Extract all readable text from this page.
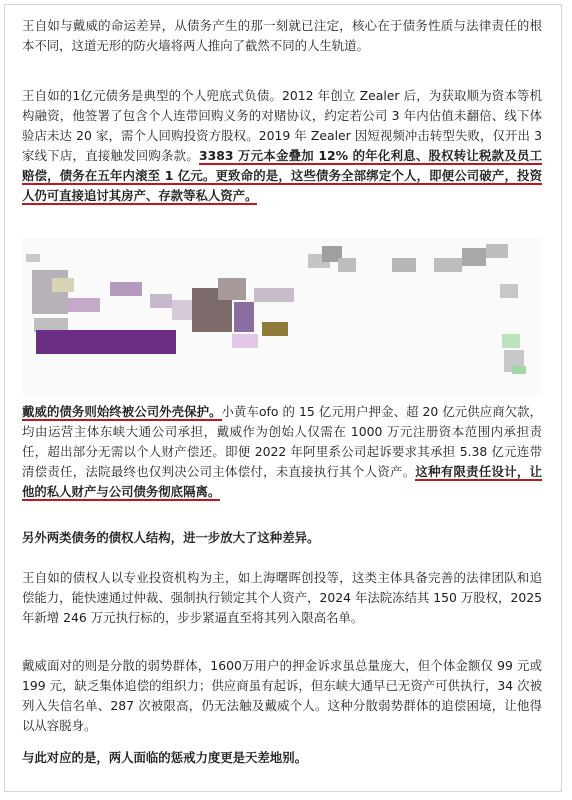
王自如与戴威的命运差异，从债务产生的那一刻就已注定，核心在于债务性质与法律责任的根本不同，这道无形的防火墙将两人推向了截然不同的人生轨道。

王自如的1亿元债务是典型的个人兜底式负债。2012 年创立 Zealer 后，为获取顺为资本等机构融资，他签署了包含个人连带回购义务的对赌协议，约定若公司 3 年内估值未翻倍、线下体验店未达 20 家，需个人回购投资方股权。2019 年 Zealer 因短视频冲击转型失败，仅开出 3 家线下店，直接触发回购条款。3383 万元本金叠加 12% 的年化利息、股权转让税款及员工赔偿，债务在五年内滚至 1 亿元。更致命的是，这些债务全部绑定个人，即便公司破产，投资人仍可直接追讨其房产、存款等私人资产。

戴威的债务则始终被公司外壳保护。小黄车ofo 的 15 亿元用户押金、超 20 亿元供应商欠款，均由运营主体东峡大通公司承担，戴威作为创始人仅需在 1000 万元注册资本范围内承担责任，超出部分无需以个人财产偿还。即便 2022 年阿里系公司起诉要求其承担 5.38 亿元连带清偿责任，法院最终也仅判决公司主体偿付，未直接执行其个人资产。这种有限责任设计，让他的私人财产与公司债务彻底隔离。

另外两类债务的债权人结构，进一步放大了这种差异。

王自如的债权人以专业投资机构为主，如上海曙晖创投等，这类主体具备完善的法律团队和追偿能力，能快速通过仲裁、强制执行锁定其个人资产，2024 年法院冻结其 150 万股权，2025 年新增 246 万元执行标的，步步紧逼直至将其列入限高名单。

戴威面对的则是分散的弱势群体，1600万用户的押金诉求虽总量庞大，但个体金额仅 99 元或 199 元，缺乏集体追偿的组织力；供应商虽有起诉，但东峡大通早已无资产可供执行，34 次被列入失信名单、287 次被限高，仍无法触及戴威个人。这种分散弱势群体的追偿困境，让他得以从容脱身。

与此对应的是，两人面临的惩戒力度更是天差地别。
